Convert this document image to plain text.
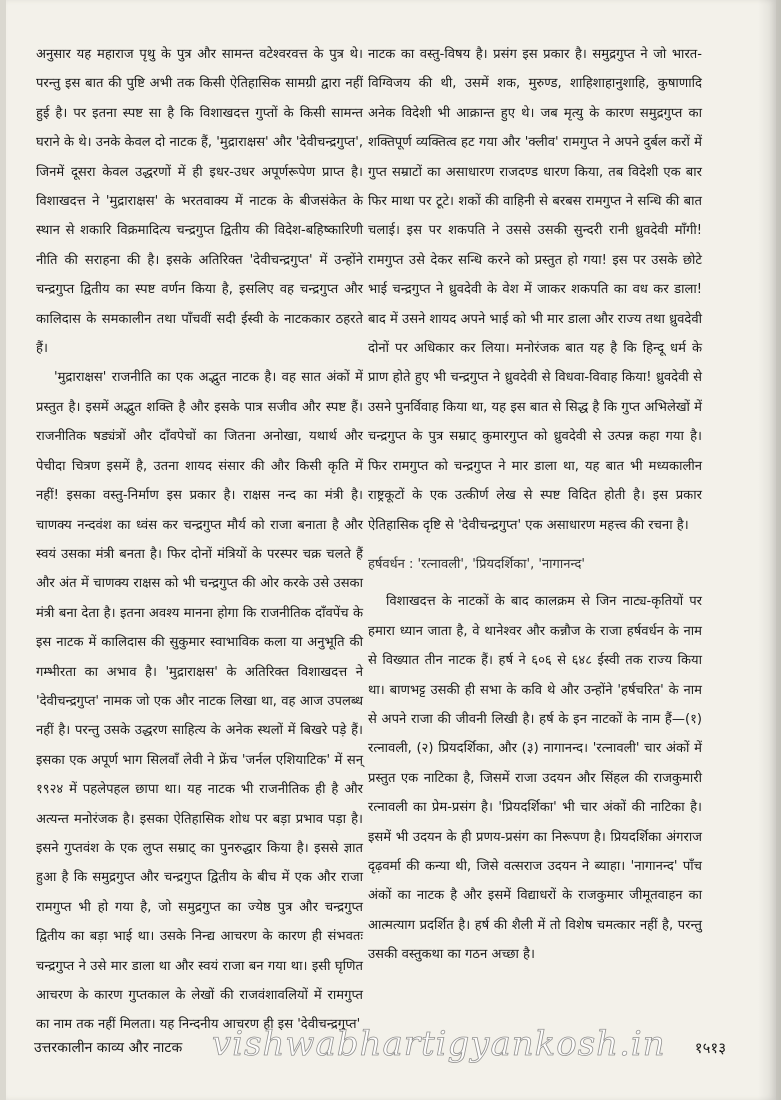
अनुसार यह महाराज पृथु के पुत्र और सामन्त वटेश्वरवत्त के पुत्र थे। परन्तु इस बात की पुष्टि अभी तक किसी ऐतिहासिक सामग्री द्वारा नहीं हुई है। पर इतना स्पष्ट सा है कि विशाखदत्त गुप्तों के किसी सामन्त घराने के थे। उनके केवल दो नाटक हैं, 'मुद्राराक्षस' और 'देवीचन्द्रगुप्त', जिनमें दूसरा केवल उद्धरणों में ही इधर-उधर अपूर्णरूपेण प्राप्त है। विशाखदत्त ने 'मुद्राराक्षस' के भरतवाक्य में नाटक के बीजसंकेत के स्थान से शकारि विक्रमादित्य चन्द्रगुप्त द्वितीय की विदेश-बहिष्कारिणी नीति की सराहना की है। इसके अतिरिक्त 'देवीचन्द्रगुप्त' में उन्होंने चन्द्रगुप्त द्वितीय का स्पष्ट वर्णन किया है, इसलिए वह चन्द्रगुप्त और कालिदास के समकालीन तथा पाँचवीं सदी ईस्वी के नाटककार ठहरते हैं।

'मुद्राराक्षस' राजनीति का एक अद्भुत नाटक है। वह सात अंकों में प्रस्तुत है। इसमें अद्भुत शक्ति है और इसके पात्र सजीव और स्पष्ट हैं। राजनीतिक षड्यंत्रों और दाँवपेचों का जितना अनोखा, यथार्थ और पेचीदा चित्रण इसमें है, उतना शायद संसार की और किसी कृति में नहीं! इसका वस्तु-निर्माण इस प्रकार है। राक्षस नन्द का मंत्री है। चाणक्य नन्दवंश का ध्वंस कर चन्द्रगुप्त मौर्य को राजा बनाता है और स्वयं उसका मंत्री बनता है। फिर दोनों मंत्रियों के परस्पर चक्र चलते हैं और अंत में चाणक्य राक्षस को भी चन्द्रगुप्त की ओर करके उसे उसका मंत्री बना देता है। इतना अवश्य मानना होगा कि राजनीतिक दाँवपेंच के इस नाटक में कालिदास की सुकुमार स्वाभाविक कला या अनुभूति की गम्भीरता का अभाव है। 'मुद्राराक्षस' के अतिरिक्त विशाखदत्त ने 'देवीचन्द्रगुप्त' नामक जो एक और नाटक लिखा था, वह आज उपलब्ध नहीं है। परन्तु उसके उद्धरण साहित्य के अनेक स्थलों में बिखरे पड़े हैं। इसका एक अपूर्ण भाग सिलवाँ लेवी ने फ्रेंच 'जर्नल एशियाटिक' में सन् १९२४ में पहलेपहल छापा था। यह नाटक भी राजनीतिक ही है और अत्यन्त मनोरंजक है। इसका ऐतिहासिक शोध पर बड़ा प्रभाव पड़ा है। इसने गुप्तवंश के एक लुप्त सम्राट् का पुनरुद्धार किया है। इससे ज्ञात हुआ है कि समुद्रगुप्त और चन्द्रगुप्त द्वितीय के बीच में एक और राजा रामगुप्त भी हो गया है, जो समुद्रगुप्त का ज्येष्ठ पुत्र और चन्द्रगुप्त द्वितीय का बड़ा भाई था। उसके निन्द्य आचरण के कारण ही संभवतः चन्द्रगुप्त ने उसे मार डाला था और स्वयं राजा बन गया था। इसी घृणित आचरण के कारण गुप्तकाल के लेखों की राजवंशावलियों में रामगुप्त का नाम तक नहीं मिलता। यह निन्दनीय आचरण ही इस 'देवीचन्द्रगुप्त'

नाटक का वस्तु-विषय है। प्रसंग इस प्रकार है। समुद्रगुप्त ने जो भारत-विग्विजय की थी, उसमें शक, मुरुण्ड, शाहिशाहानुशाहि, कुषाणादि अनेक विदेशी भी आक्रान्त हुए थे। जब मृत्यु के कारण समुद्रगुप्त का शक्तिपूर्ण व्यक्तित्व हट गया और 'क्लीव' रामगुप्त ने अपने दुर्बल करों में गुप्त सम्राटों का असाधारण राजदण्ड धारण किया, तब विदेशी एक बार फिर माथा पर टूटे। शकों की वाहिनी से बरबस रामगुप्त ने सन्धि की बात चलाई। इस पर शकपति ने उससे उसकी सुन्दरी रानी ध्रुवदेवी माँगी! रामगुप्त उसे देकर सन्धि करने को प्रस्तुत हो गया! इस पर उसके छोटे भाई चन्द्रगुप्त ने ध्रुवदेवी के वेश में जाकर शकपति का वध कर डाला! बाद में उसने शायद अपने भाई को भी मार डाला और राज्य तथा ध्रुवदेवी दोनों पर अधिकार कर लिया। मनोरंजक बात यह है कि हिन्दू धर्म के प्राण होते हुए भी चन्द्रगुप्त ने ध्रुवदेवी से विधवा-विवाह किया! ध्रुवदेवी से उसने पुनर्विवाह किया था, यह इस बात से सिद्ध है कि गुप्त अभिलेखों में चन्द्रगुप्त के पुत्र सम्राट् कुमारगुप्त को ध्रुवदेवी से उत्पन्न कहा गया है। फिर रामगुप्त को चन्द्रगुप्त ने मार डाला था, यह बात भी मध्यकालीन राष्ट्रकूटों के एक उत्कीर्ण लेख से स्पष्ट विदित होती है। इस प्रकार ऐतिहासिक दृष्टि से 'देवीचन्द्रगुप्त' एक असाधारण महत्त्व की रचना है।

हर्षवर्धन : 'रत्नावली', 'प्रियदर्शिका', 'नागानन्द'

विशाखदत्त के नाटकों के बाद कालक्रम से जिन नाट्य-कृतियों पर हमारा ध्यान जाता है, वे थानेश्वर और कन्नौज के राजा हर्षवर्धन के नाम से विख्यात तीन नाटक हैं। हर्ष ने ६०६ से ६४८ ईस्वी तक राज्य किया था। बाणभट्ट उसकी ही सभा के कवि थे और उन्होंने 'हर्षचरित' के नाम से अपने राजा की जीवनी लिखी है। हर्ष के इन नाटकों के नाम हैं—(१) रत्नावली, (२) प्रियदर्शिका, और (३) नागानन्द। 'रत्नावली' चार अंकों में प्रस्तुत एक नाटिका है, जिसमें राजा उदयन और सिंहल की राजकुमारी रत्नावली का प्रेम-प्रसंग है। 'प्रियदर्शिका' भी चार अंकों की नाटिका है। इसमें भी उदयन के ही प्रणय-प्रसंग का निरूपण है। प्रियदर्शिका अंगराज दृढ़वर्मा की कन्या थी, जिसे वत्सराज उदयन ने ब्याहा। 'नागानन्द' पाँच अंकों का नाटक है और इसमें विद्याधरों के राजकुमार जीमूतवाहन का आत्मत्याग प्रदर्शित है। हर्ष की शैली में तो विशेष चमत्कार नहीं है, परन्तु उसकी वस्तुकथा का गठन अच्छा है।

उत्तरकालीन काव्य और नाटक vishwabhartigyankosh.in १५१३
